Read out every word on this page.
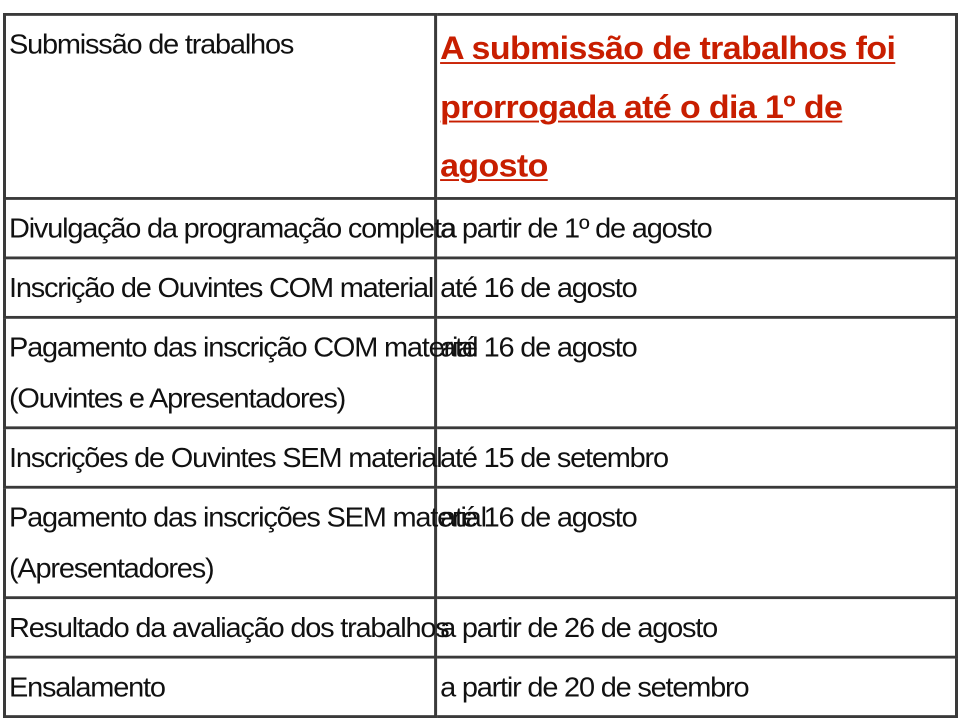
Submissão de trabalhos	A submissão de trabalhos foi prorrogada até o dia 1º de agosto

Divulgação da programação completa	a partir de 1º de agosto

Inscrição de Ouvintes COM material	até 16 de agosto

Pagamento das inscrição COM material
(Ouvintes e Apresentadores)	até 16 de agosto

Inscrições de Ouvintes SEM material	até 15 de setembro

Pagamento das inscrições SEM material
(Apresentadores)	até 16 de agosto

Resultado da avaliação dos trabalhos	a partir de 26 de agosto

Ensalamento	a partir de 20 de setembro
